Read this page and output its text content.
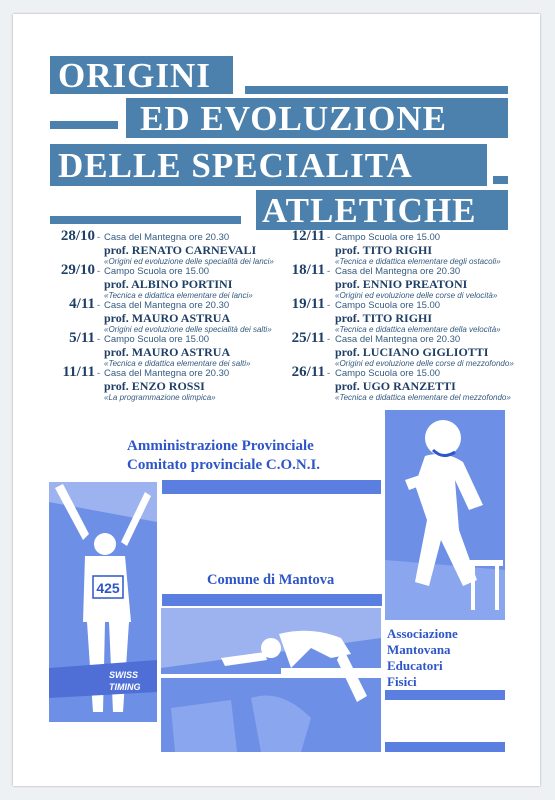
ORIGINI
ED EVOLUZIONE
DELLE SPECIALITA
ATLETICHE
28/10 - Casa del Mantegna ore 20.30
prof. RENATO CARNEVALI
«Origini ed evoluzione delle specialità dei lanci»
29/10 - Campo Scuola ore 15.00
prof. ALBINO PORTINI
«Tecnica e didattica elementare dei lanci»
4/11 - Casa del Mantegna ore 20.30
prof. MAURO ASTRUA
«Origini ed evoluzione delle specialità dei salti»
5/11 - Campo Scuola ore 15.00
prof. MAURO ASTRUA
«Tecnica e didattica elementare dei salti»
11/11 - Casa del Mantegna ore 20.30
prof. ENZO ROSSI
«La programmazione olimpica»
12/11 - Campo Scuola ore 15.00
prof. TITO RIGHI
«Tecnica e didattica elementare degli ostacoli»
18/11 - Casa del Mantegna ore 20.30
prof. ENNIO PREATONI
«Origini ed evoluzione delle corse di velocità»
19/11 - Campo Scuola ore 15.00
prof. TITO RIGHI
«Tecnica e didattica elementare della velocità»
25/11 - Casa del Mantegna ore 20.30
prof. LUCIANO GIGLIOTTI
«Origini ed evoluzione delle corse di mezzofondo»
26/11 - Campo Scuola ore 15.00
prof. UGO RANZETTI
«Tecnica e didattica elementare del mezzofondo»
Amministrazione Provinciale
Comitato provinciale C.O.N.I.
425
SWISS
TIMING
Comune di Mantova
Associazione
Mantovana
Educatori
Fisici
